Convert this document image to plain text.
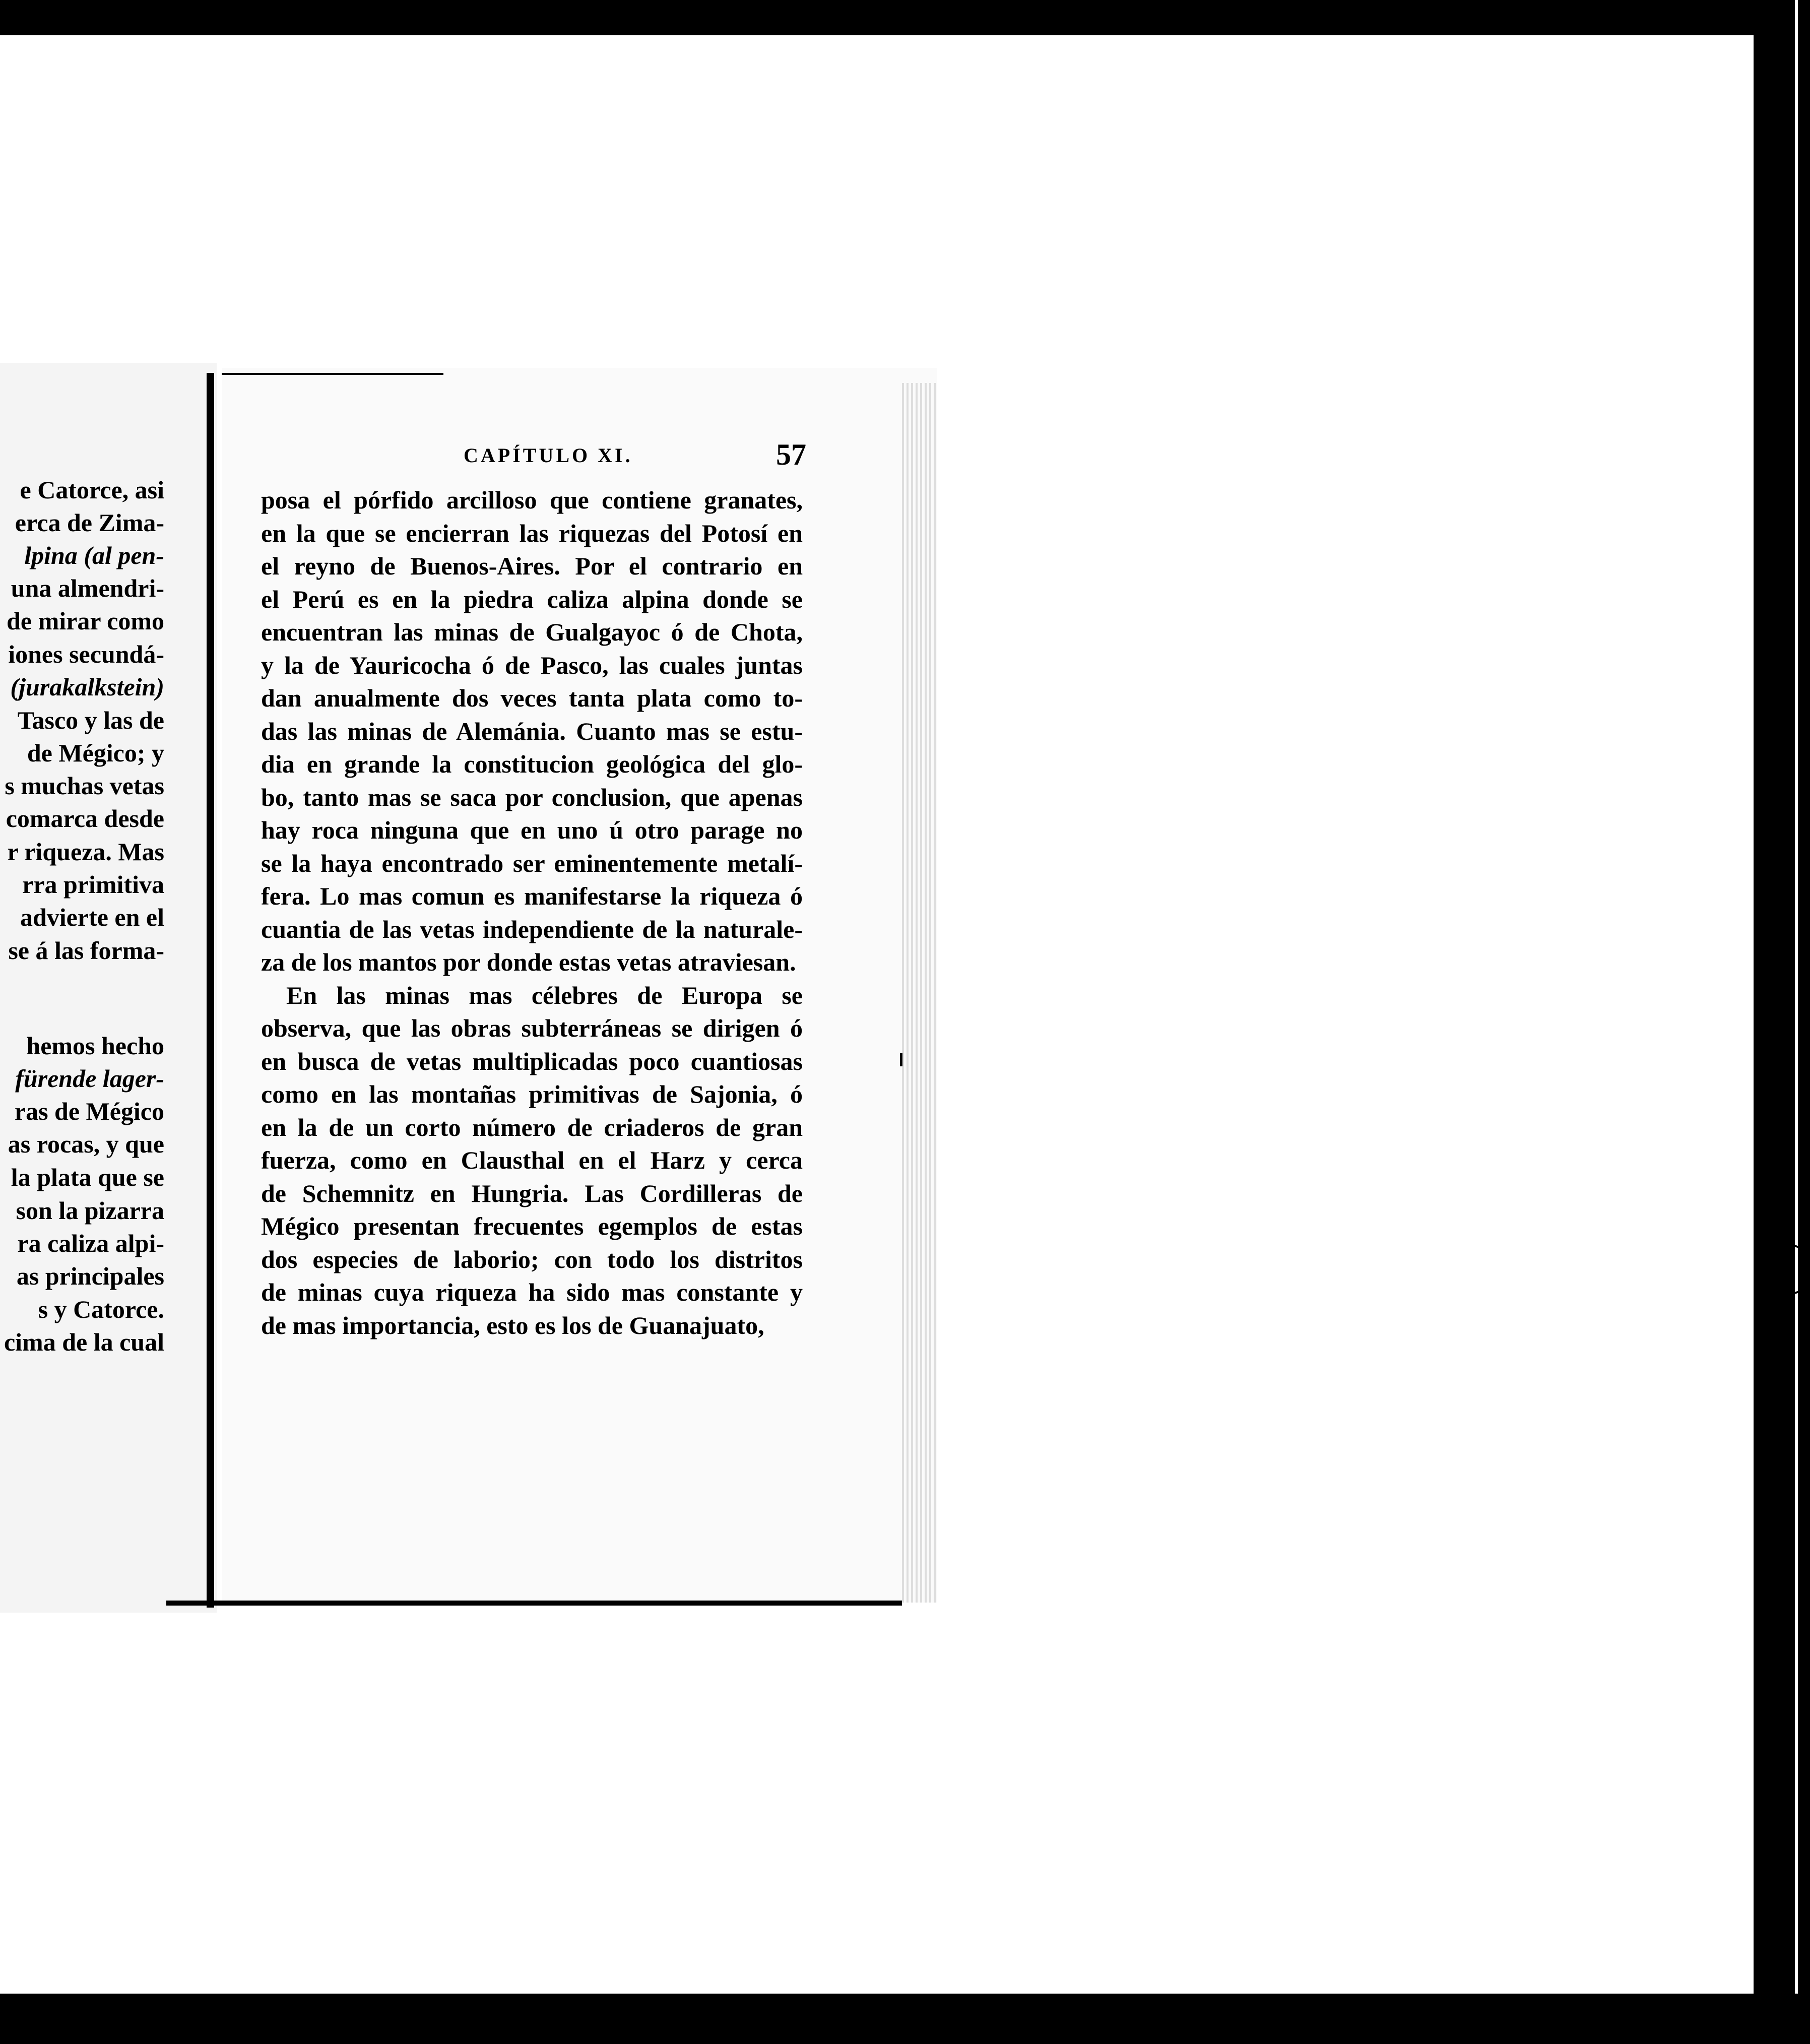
e Catorce, asi
erca de Zima-
lpina (al pen-
una almendri-
de mirar como
iones secundá-
(jurakalkstein)
Tasco y las de
de Mégico; y
s muchas vetas
comarca desde
r riqueza. Mas
rra primitiva
advierte en el
se á las forma-
hemos hecho
fürende lager-
ras de Mégico
as rocas, y que
la plata que se
son la pizarra
ra caliza alpi-
as principales
s y Catorce.
cima de la cual
CAPÍTULO XI.	57
posa el pórfido arcilloso que contiene granates,
en la que se encierran las riquezas del Potosí en
el reyno de Buenos-Aires. Por el contrario en
el Perú es en la piedra caliza alpina donde se
encuentran las minas de Gualgayoc ó de Chota,
y la de Yauricocha ó de Pasco, las cuales juntas
dan anualmente dos veces tanta plata como to-
das las minas de Alemánia. Cuanto mas se estu-
dia en grande la constitucion geológica del glo-
bo, tanto mas se saca por conclusion, que apenas
hay roca ninguna que en uno ú otro parage no
se la haya encontrado ser eminentemente metalí-
fera. Lo mas comun es manifestarse la riqueza ó
cuantia de las vetas independiente de la naturale-
za de los mantos por donde estas vetas atraviesan.
En las minas mas célebres de Europa se
observa, que las obras subterráneas se dirigen ó
en busca de vetas multiplicadas poco cuantiosas
como en las montañas primitivas de Sajonia, ó
en la de un corto número de criaderos de gran
fuerza, como en Clausthal en el Harz y cerca
de Schemnitz en Hungria. Las Cordilleras de
Mégico presentan frecuentes egemplos de estas
dos especies de laborio; con todo los distritos
de minas cuya riqueza ha sido mas constante y
de mas importancia, esto es los de Guanajuato,
